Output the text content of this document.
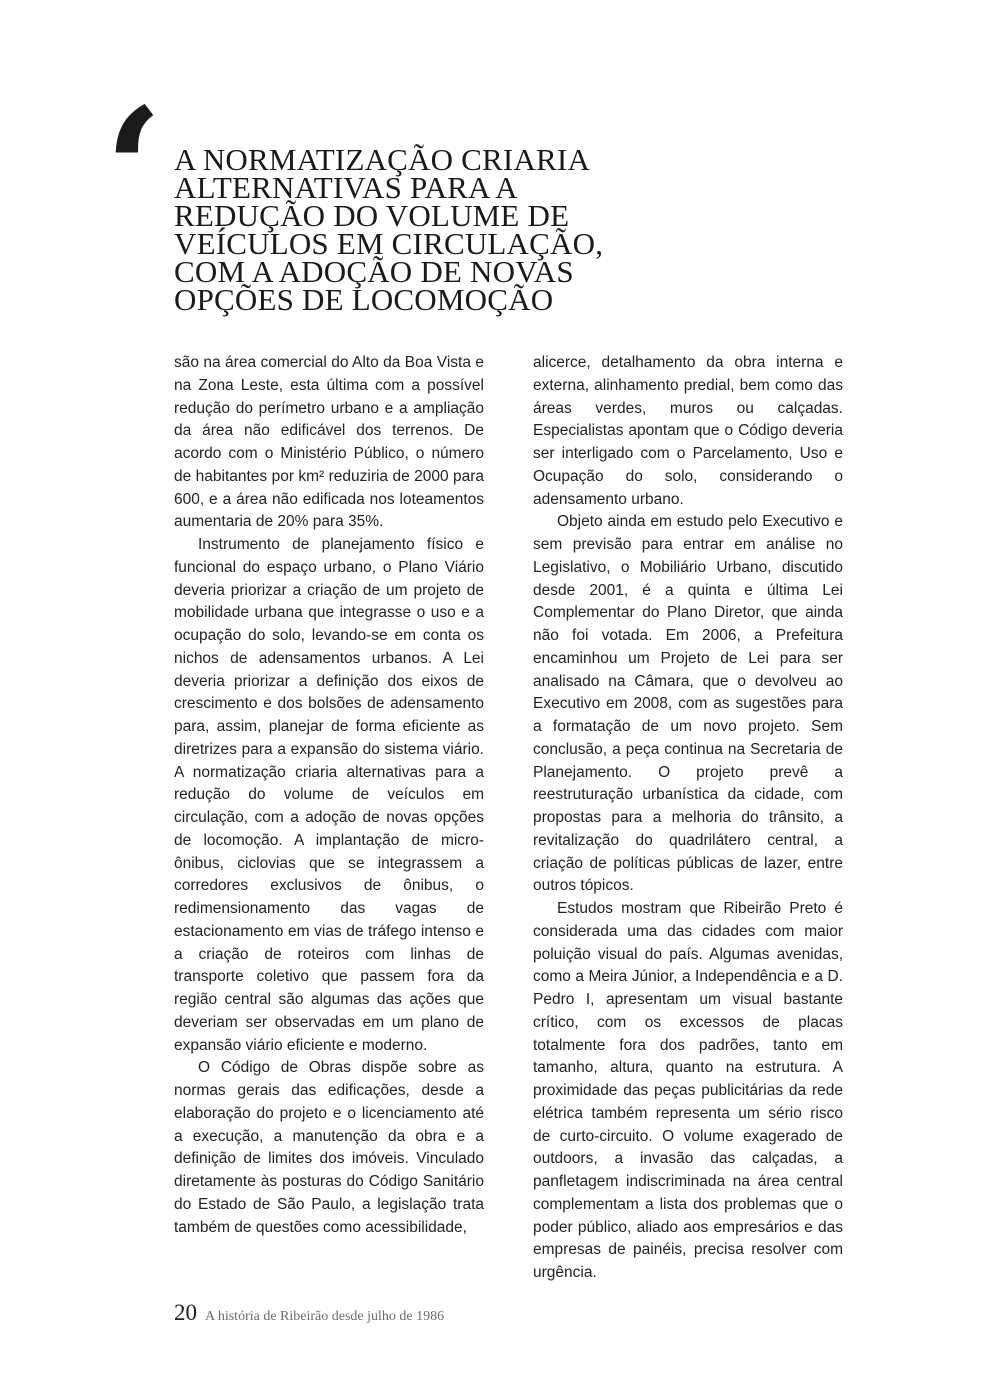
‘ A NORMATIZAÇÃO CRIARIA
ALTERNATIVAS PARA A
REDUÇÃO DO VOLUME DE
VEÍCULOS EM CIRCULAÇÃO,
COM A ADOÇÃO DE NOVAS
OPÇÕES DE LOCOMOÇÃO

são na área comercial do Alto da Boa Vista e na Zona Leste, esta última com a possível redução do perímetro urbano e a ampliação da área não edificável dos terrenos. De acordo com o Ministério Público, o número de habitantes por km² reduziria de 2000 para 600, e a área não edificada nos loteamentos aumentaria de 20% para 35%.

Instrumento de planejamento físico e funcional do espaço urbano, o Plano Viário deveria priorizar a criação de um projeto de mobilidade urbana que integrasse o uso e a ocupação do solo, levando-se em conta os nichos de adensamentos urbanos. A Lei deveria priorizar a definição dos eixos de crescimento e dos bolsões de adensamento para, assim, planejar de forma eficiente as diretrizes para a expansão do sistema viário. A normatização criaria alternativas para a redução do volume de veículos em circulação, com a adoção de novas opções de locomoção. A implantação de micro-ônibus, ciclovias que se integrassem a corredores exclusivos de ônibus, o redimensionamento das vagas de estacionamento em vias de tráfego intenso e a criação de roteiros com linhas de transporte coletivo que passem fora da região central são algumas das ações que deveriam ser observadas em um plano de expansão viário eficiente e moderno.

O Código de Obras dispõe sobre as normas gerais das edificações, desde a elaboração do projeto e o licenciamento até a execução, a manutenção da obra e a definição de limites dos imóveis. Vinculado diretamente às posturas do Código Sanitário do Estado de São Paulo, a legislação trata também de questões como acessibilidade,

alicerce, detalhamento da obra interna e externa, alinhamento predial, bem como das áreas verdes, muros ou calçadas. Especialistas apontam que o Código deveria ser interligado com o Parcelamento, Uso e Ocupação do solo, considerando o adensamento urbano.

Objeto ainda em estudo pelo Executivo e sem previsão para entrar em análise no Legislativo, o Mobiliário Urbano, discutido desde 2001, é a quinta e última Lei Complementar do Plano Diretor, que ainda não foi votada. Em 2006, a Prefeitura encaminhou um Projeto de Lei para ser analisado na Câmara, que o devolveu ao Executivo em 2008, com as sugestões para a formatação de um novo projeto. Sem conclusão, a peça continua na Secretaria de Planejamento. O projeto prevê a reestruturação urbanística da cidade, com propostas para a melhoria do trânsito, a revitalização do quadrilátero central, a criação de políticas públicas de lazer, entre outros tópicos.

Estudos mostram que Ribeirão Preto é considerada uma das cidades com maior poluição visual do país. Algumas avenidas, como a Meira Júnior, a Independência e a D. Pedro I, apresentam um visual bastante crítico, com os excessos de placas totalmente fora dos padrões, tanto em tamanho, altura, quanto na estrutura. A proximidade das peças publicitárias da rede elétrica também representa um sério risco de curto-circuito. O volume exagerado de outdoors, a invasão das calçadas, a panfletagem indiscriminada na área central complementam a lista dos problemas que o poder público, aliado aos empresários e das empresas de painéis, precisa resolver com urgência.

20 A história de Ribeirão desde julho de 1986
